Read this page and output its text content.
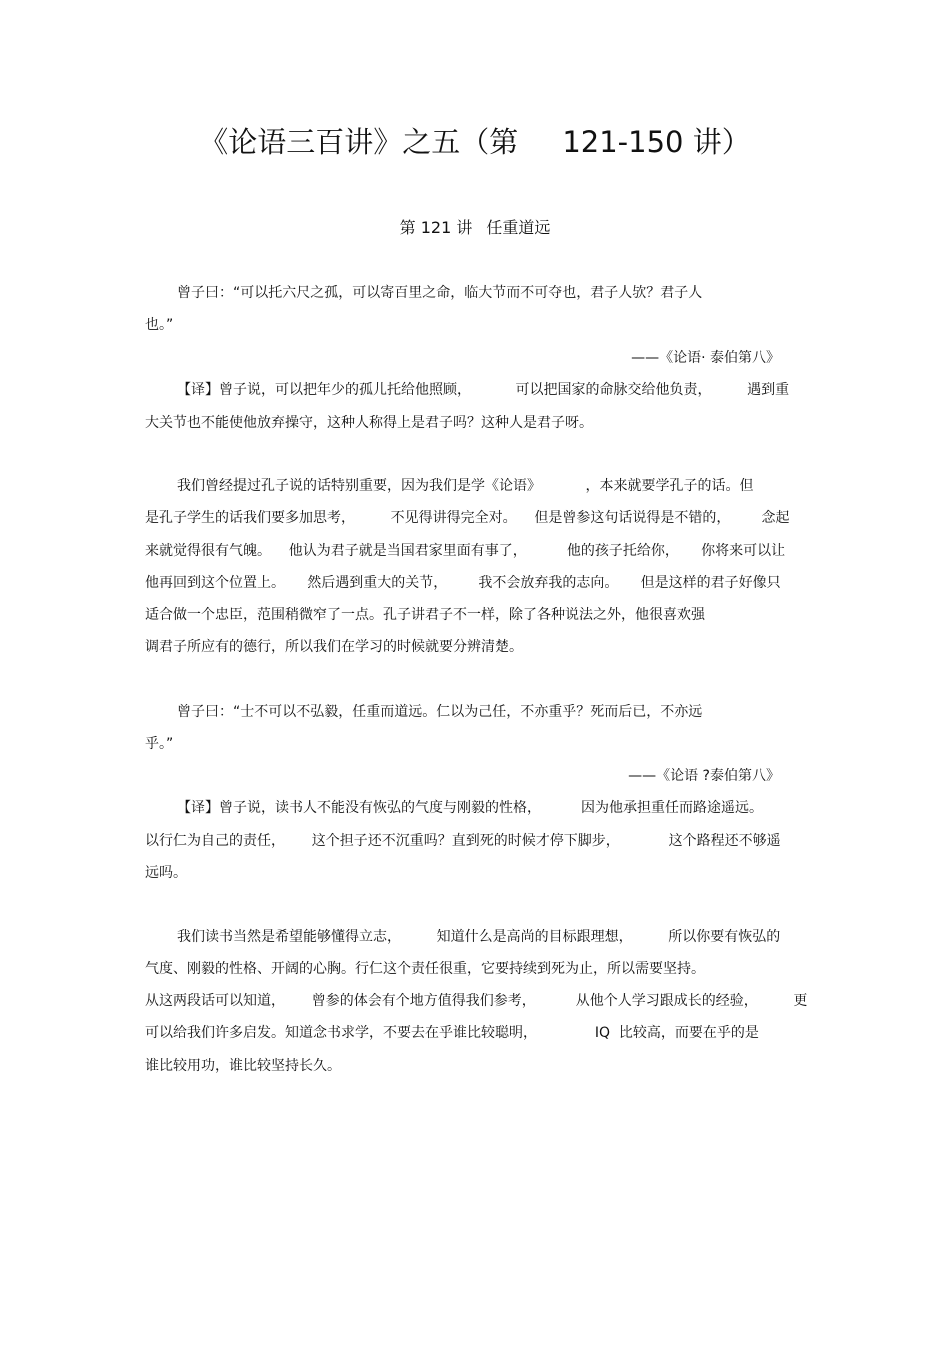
《论语三百讲》之五（第 121-150 讲）
第 121 讲 任重道远
曾子曰：“可以托六尺之孤，可以寄百里之命，临大节而不可夺也，君子人欤？君子人
也。”
——《论语· 泰伯第八》
【译】曾子说，可以把年少的孤儿托给他照顾，          可以把国家的命脉交给他负责，        遇到重
大关节也不能使他放弃操守，这种人称得上是君子吗？这种人是君子呀。
我们曾经提过孔子说的话特别重要，因为我们是学《论语》          ，本来就要学孔子的话。但
是孔子学生的话我们要多加思考，        不见得讲得完全对。    但是曾参这句话说得是不错的，       念起
来就觉得很有气魄。    他认为君子就是当国君家里面有事了，         他的孩子托给你，     你将来可以让
他再回到这个位置上。     然后遇到重大的关节，       我不会放弃我的志向。     但是这样的君子好像只
适合做一个忠臣，范围稍微窄了一点。孔子讲君子不一样，除了各种说法之外，他很喜欢强
调君子所应有的德行，所以我们在学习的时候就要分辨清楚。
曾子曰：“士不可以不弘毅，任重而道远。仁以为己任，不亦重乎？死而后已，不亦远
乎。”
——《论语 ?泰伯第八》
【译】曾子说，读书人不能没有恢弘的气度与刚毅的性格，         因为他承担重任而路途遥远。
以行仁为自己的责任，      这个担子还不沉重吗？直到死的时候才停下脚步，           这个路程还不够遥
远吗。
我们读书当然是希望能够懂得立志，        知道什么是高尚的目标跟理想，        所以你要有恢弘的
气度、刚毅的性格、开阔的心胸。行仁这个责任很重，它要持续到死为止，所以需要坚持。
从这两段话可以知道，      曾参的体会有个地方值得我们参考，         从他个人学习跟成长的经验，        更
可以给我们许多启发。知道念书求学，不要去在乎谁比较聪明，             IQ  比较高，而要在乎的是
谁比较用功，谁比较坚持长久。
